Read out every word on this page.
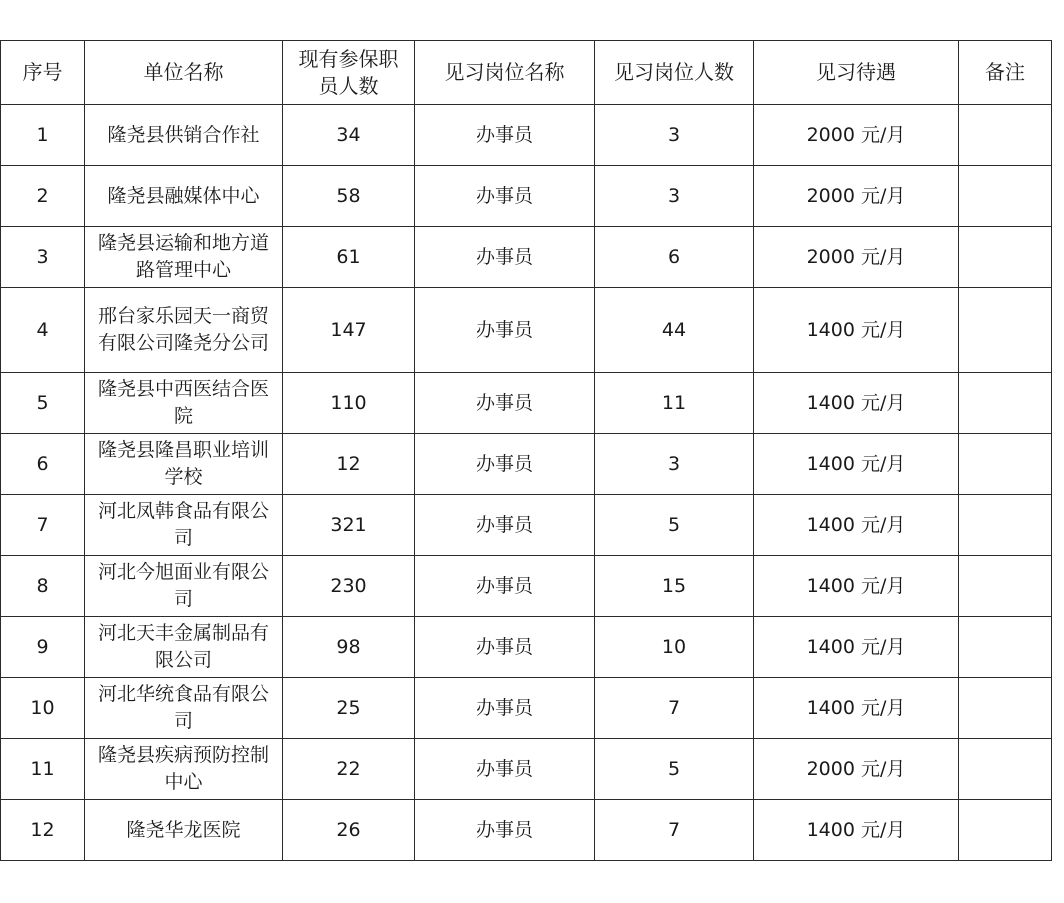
序号	单位名称	现有参保职员人数	见习岗位名称	见习岗位人数	见习待遇	备注
1	隆尧县供销合作社	34	办事员	3	2000 元/月	
2	隆尧县融媒体中心	58	办事员	3	2000 元/月	
3	隆尧县运输和地方道路管理中心	61	办事员	6	2000 元/月	
4	邢台家乐园天一商贸有限公司隆尧分公司	147	办事员	44	1400 元/月	
5	隆尧县中西医结合医院	110	办事员	11	1400 元/月	
6	隆尧县隆昌职业培训学校	12	办事员	3	1400 元/月	
7	河北凤韩食品有限公司	321	办事员	5	1400 元/月	
8	河北今旭面业有限公司	230	办事员	15	1400 元/月	
9	河北天丰金属制品有限公司	98	办事员	10	1400 元/月	
10	河北华统食品有限公司	25	办事员	7	1400 元/月	
11	隆尧县疾病预防控制中心	22	办事员	5	2000 元/月	
12	隆尧华龙医院	26	办事员	7	1400 元/月	
